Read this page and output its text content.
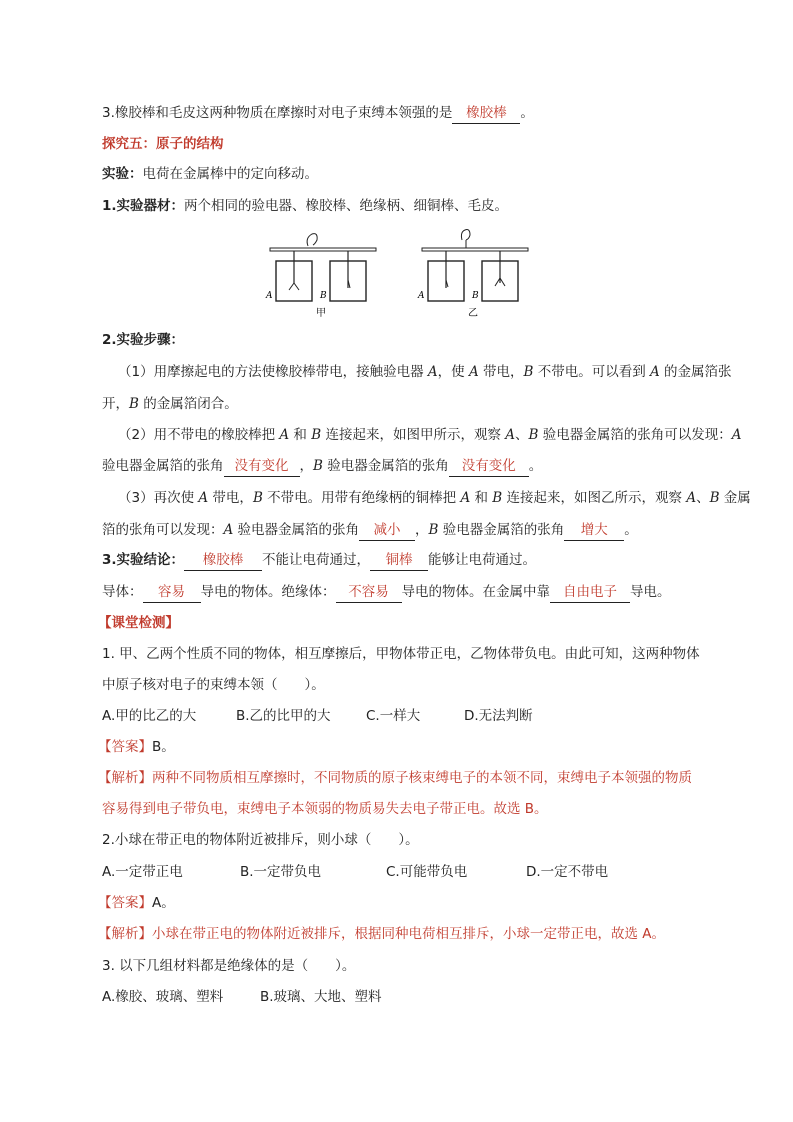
3.橡胶棒和毛皮这两种物质在摩擦时对电子束缚本领强的是 橡胶棒 。
探究五：原子的结构
实验：电荷在金属棒中的定向移动。
1.实验器材：两个相同的验电器、橡胶棒、绝缘柄、细铜棒、毛皮。
A	B
甲
A	B
乙
2.实验步骤：
（1）用摩擦起电的方法使橡胶棒带电，接触验电器 A，使 A 带电，B 不带电。可以看到 A 的金属箔张
开，B 的金属箔闭合。
（2）用不带电的橡胶棒把 A 和 B 连接起来，如图甲所示，观察 A、B 验电器金属箔的张角可以发现：A
验电器金属箔的张角 没有变化 ，B 验电器金属箔的张角 没有变化 。
（3）再次使 A 带电，B 不带电。用带有绝缘柄的铜棒把 A 和 B 连接起来，如图乙所示，观察 A、B 金属
箔的张角可以发现：A 验电器金属箔的张角 减小 ，B 验电器金属箔的张角 增大 。
3.实验结论： 橡胶棒 不能让电荷通过， 铜棒 能够让电荷通过。
导体： 容易 导电的物体。绝缘体： 不容易 导电的物体。在金属中靠 自由电子 导电。
【课堂检测】
1. 甲、乙两个性质不同的物体，相互摩擦后，甲物体带正电，乙物体带负电。由此可知，这两种物体
中原子核对电子的束缚本领（　　）。
A.甲的比乙的大	B.乙的比甲的大	C.一样大	D.无法判断
【答案】B。
【解析】两种不同物质相互摩擦时，不同物质的原子核束缚电子的本领不同，束缚电子本领强的物质
容易得到电子带负电，束缚电子本领弱的物质易失去电子带正电。故选 B。
2.小球在带正电的物体附近被排斥，则小球（　　）。
A.一定带正电	B.一定带负电	C.可能带负电	D.一定不带电
【答案】A。
【解析】小球在带正电的物体附近被排斥，根据同种电荷相互排斥，小球一定带正电，故选 A。
3. 以下几组材料都是绝缘体的是（　　）。
A.橡胶、玻璃、塑料	B.玻璃、大地、塑料
